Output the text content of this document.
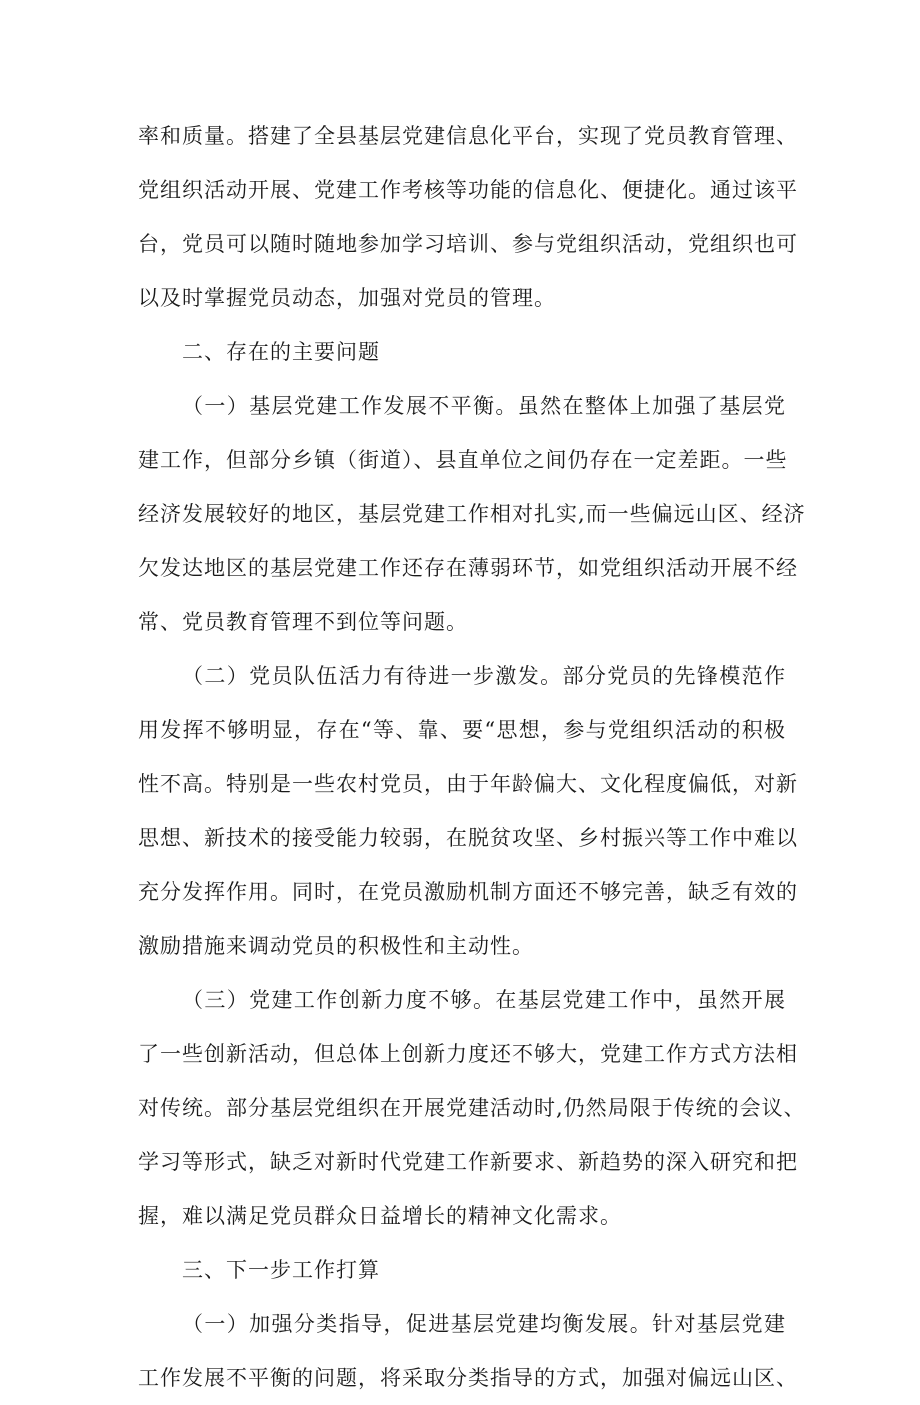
率和质量。搭建了全县基层党建信息化平台，实现了党员教育管理、
党组织活动开展、党建工作考核等功能的信息化、便捷化。通过该平
台，党员可以随时随地参加学习培训、参与党组织活动，党组织也可
以及时掌握党员动态，加强对党员的管理。
二、存在的主要问题
（一）基层党建工作发展不平衡。虽然在整体上加强了基层党
建工作，但部分乡镇（街道）、县直单位之间仍存在一定差距。一些
经济发展较好的地区，基层党建工作相对扎实,而一些偏远山区、经济
欠发达地区的基层党建工作还存在薄弱环节，如党组织活动开展不经
常、党员教育管理不到位等问题。
（二）党员队伍活力有待进一步激发。部分党员的先锋模范作
用发挥不够明显，存在“等、靠、要“思想，参与党组织活动的积极
性不高。特别是一些农村党员，由于年龄偏大、文化程度偏低，对新
思想、新技术的接受能力较弱，在脱贫攻坚、乡村振兴等工作中难以
充分发挥作用。同时，在党员激励机制方面还不够完善，缺乏有效的
激励措施来调动党员的积极性和主动性。
（三）党建工作创新力度不够。在基层党建工作中，虽然开展
了一些创新活动，但总体上创新力度还不够大，党建工作方式方法相
对传统。部分基层党组织在开展党建活动时,仍然局限于传统的会议、
学习等形式，缺乏对新时代党建工作新要求、新趋势的深入研究和把
握，难以满足党员群众日益增长的精神文化需求。
三、下一步工作打算
（一）加强分类指导，促进基层党建均衡发展。针对基层党建
工作发展不平衡的问题，将采取分类指导的方式，加强对偏远山区、
